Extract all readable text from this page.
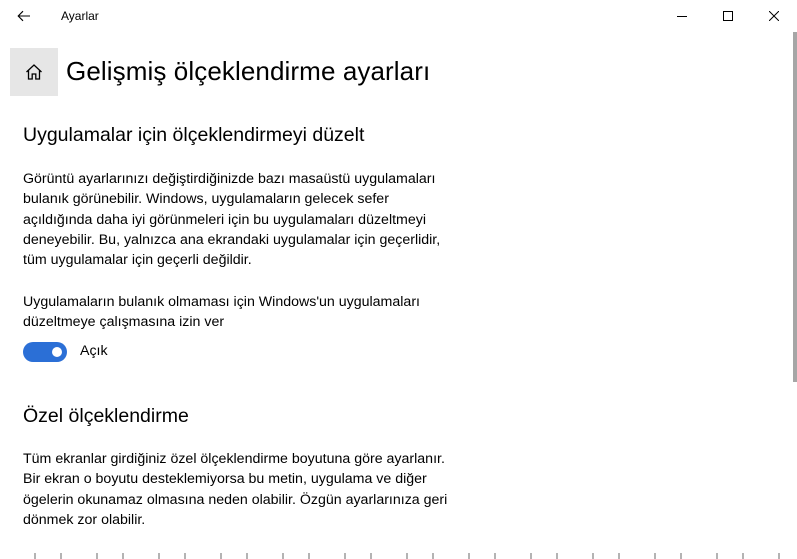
Ayarlar
Gelişmiş ölçeklendirme ayarları
Uygulamalar için ölçeklendirmeyi düzelt

Görüntü ayarlarınızı değiştirdiğinizde bazı masaüstü uygulamaları
bulanık görünebilir. Windows, uygulamaların gelecek sefer
açıldığında daha iyi görünmeleri için bu uygulamaları düzeltmeyi
deneyebilir. Bu, yalnızca ana ekrandaki uygulamalar için geçerlidir,
tüm uygulamalar için geçerli değildir.

Uygulamaların bulanık olmaması için Windows'un uygulamaları
düzeltmeye çalışmasına izin ver

Açık
Özel ölçeklendirme

Tüm ekranlar girdiğiniz özel ölçeklendirme boyutuna göre ayarlanır.
Bir ekran o boyutu desteklemiyorsa bu metin, uygulama ve diğer
ögelerin okunamaz olmasına neden olabilir. Özgün ayarlarınıza geri
dönmek zor olabilir.
